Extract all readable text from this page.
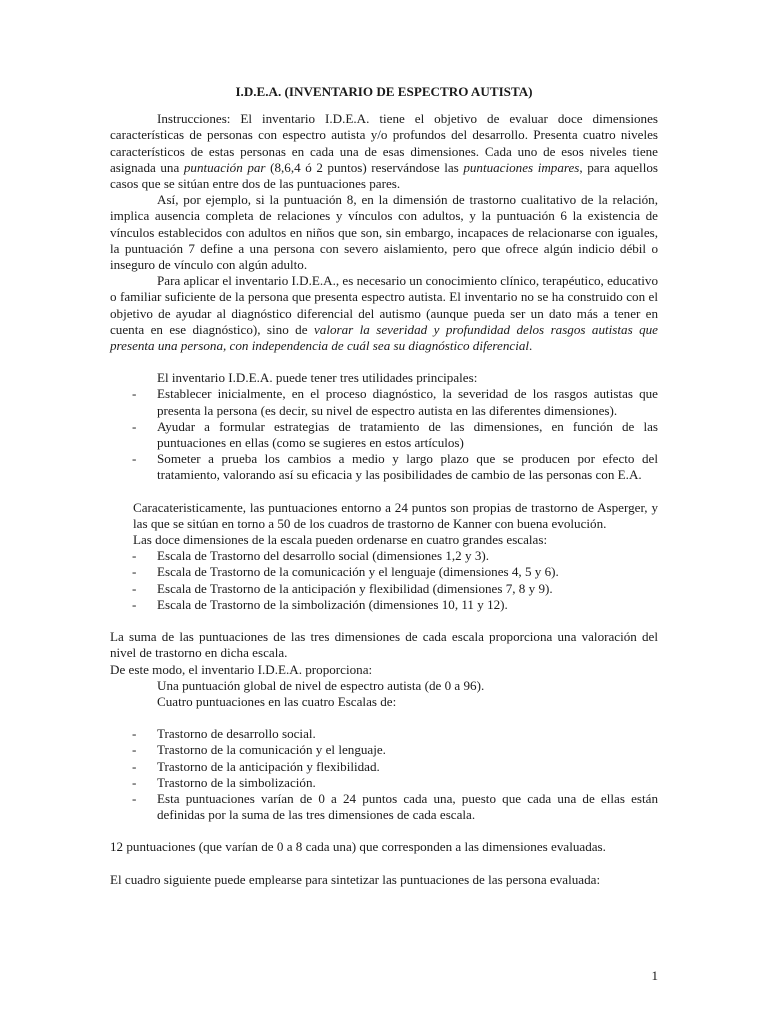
I.D.E.A. (INVENTARIO DE ESPECTRO AUTISTA)

Instrucciones: El inventario I.D.E.A. tiene el objetivo de evaluar doce dimensiones características de personas con espectro autista y/o profundos del desarrollo. Presenta cuatro niveles característicos de estas personas en cada una de esas dimensiones. Cada uno de esos niveles tiene asignada una puntuación par (8,6,4 ó 2 puntos) reservándose las puntuaciones impares, para aquellos casos que se sitúan entre dos de las puntuaciones pares.

Así, por ejemplo, si la puntuación 8, en la dimensión de trastorno cualitativo de la relación, implica ausencia completa de relaciones y vínculos con adultos, y la puntuación 6 la existencia de vínculos establecidos con adultos en niños que son, sin embargo, incapaces de relacionarse con iguales, la puntuación 7 define a una persona con severo aislamiento, pero que ofrece algún indicio débil o inseguro de vínculo con algún adulto.

Para aplicar el inventario I.D.E.A., es necesario un conocimiento clínico, terapéutico, educativo o familiar suficiente de la persona que presenta espectro autista. El inventario no se ha construido con el objetivo de ayudar al diagnóstico diferencial del autismo (aunque pueda ser un dato más a tener en cuenta en ese diagnóstico), sino de valorar la severidad y profundidad delos rasgos autistas que presenta una persona, con independencia de cuál sea su diagnóstico diferencial.

El inventario I.D.E.A. puede tener tres utilidades principales:

- Establecer inicialmente, en el proceso diagnóstico, la severidad de los rasgos autistas que presenta la persona (es decir, su nivel de espectro autista en las diferentes dimensiones).
- Ayudar a formular estrategias de tratamiento de las dimensiones, en función de las puntuaciones en ellas (como se sugieres en estos artículos)
- Someter a prueba los cambios a medio y largo plazo que se producen por efecto del tratamiento, valorando así su eficacia y las posibilidades de cambio de las personas con E.A.

Caracateristicamente, las puntuaciones entorno a 24 puntos son propias de trastorno de Asperger, y las que se sitúan en torno a 50 de los cuadros de trastorno de Kanner con buena evolución.

Las doce dimensiones de la escala pueden ordenarse en cuatro grandes escalas:

- Escala de Trastorno del desarrollo social (dimensiones 1,2 y 3).
- Escala de Trastorno de la comunicación y el lenguaje (dimensiones 4, 5 y 6).
- Escala de Trastorno de la anticipación y flexibilidad (dimensiones 7, 8 y 9).
- Escala de Trastorno de la simbolización (dimensiones 10, 11 y 12).

La suma de las puntuaciones de las tres dimensiones de cada escala proporciona una valoración del nivel de trastorno en dicha escala.

De este modo, el inventario I.D.E.A. proporciona:

Una puntuación global de nivel de espectro autista (de 0 a 96).

Cuatro puntuaciones en las cuatro Escalas de:

- Trastorno de desarrollo social.
- Trastorno de la comunicación y el lenguaje.
- Trastorno de la anticipación y flexibilidad.
- Trastorno de la simbolización.
- Esta puntuaciones varían de 0 a 24 puntos cada una, puesto que cada una de ellas están definidas por la suma de las tres dimensiones de cada escala.

12 puntuaciones (que varían de 0 a 8 cada una) que corresponden a las dimensiones evaluadas.

El cuadro siguiente puede emplearse para sintetizar las puntuaciones de las persona evaluada:

1
